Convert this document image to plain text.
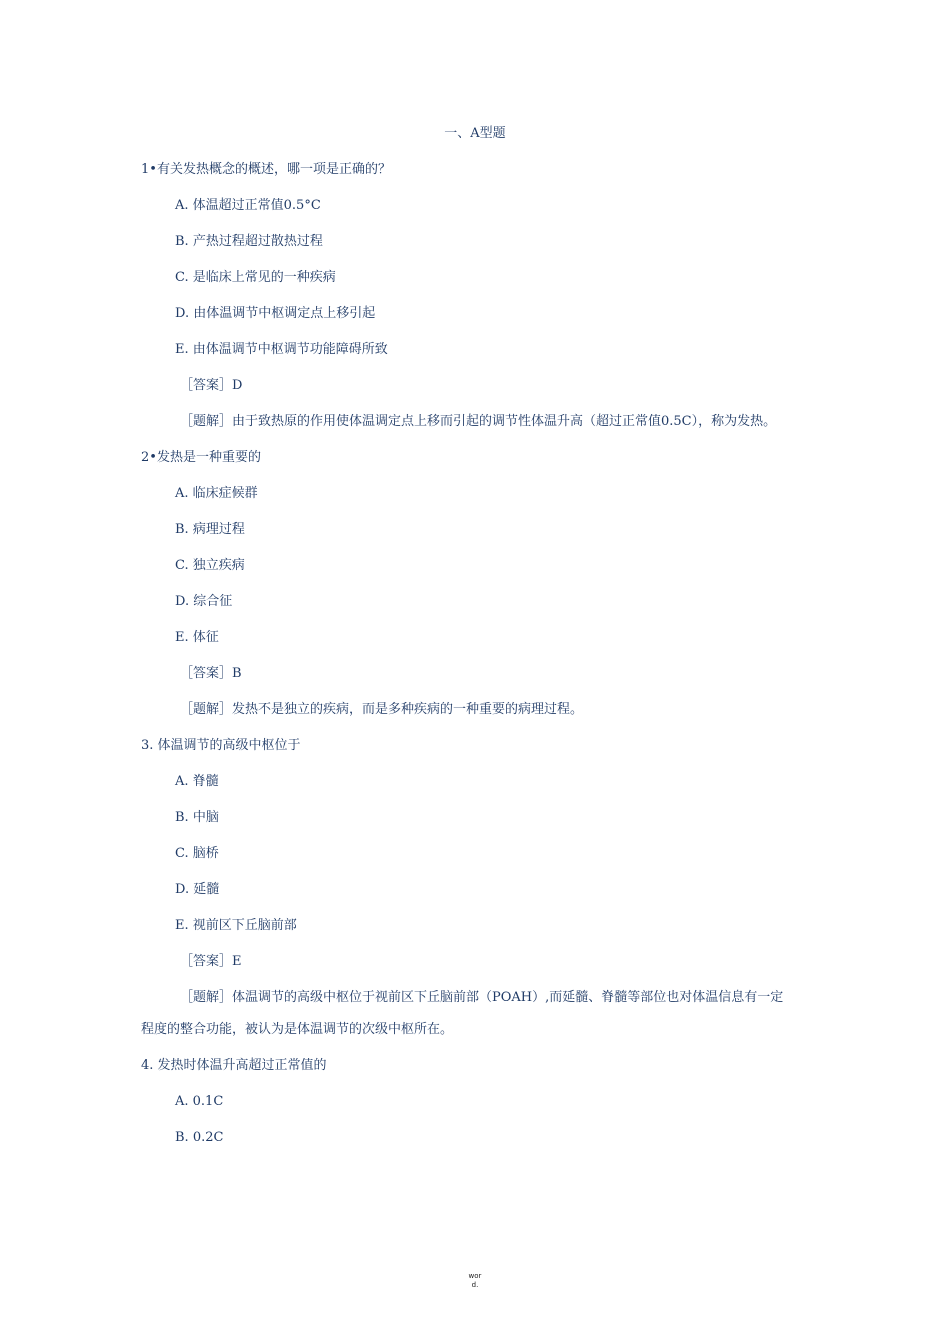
一、A型题
1•有关发热概念的概述，哪一项是正确的？
A. 体温超过正常值0.5°C
B. 产热过程超过散热过程
C. 是临床上常见的一种疾病
D. 由体温调节中枢调定点上移引起
E. 由体温调节中枢调节功能障碍所致
［答案］D
［题解］由于致热原的作用使体温调定点上移而引起的调节性体温升高（超过正常值0.5C），称为发热。
2•发热是一种重要的
A. 临床症候群
B. 病理过程
C. 独立疾病
D. 综合征
E. 体征
［答案］B
［题解］发热不是独立的疾病，而是多种疾病的一种重要的病理过程。
3. 体温调节的高级中枢位于
A. 脊髓
B. 中脑
C. 脑桥
D. 延髓
E. 视前区下丘脑前部
［答案］E
［题解］体温调节的高级中枢位于视前区下丘脑前部（POAH）,而延髓、脊髓等部位也对体温信息有一定
程度的整合功能，被认为是体温调节的次级中枢所在。
4. 发热时体温升高超过正常值的
A. 0.1C
B. 0.2C
wor
d.
